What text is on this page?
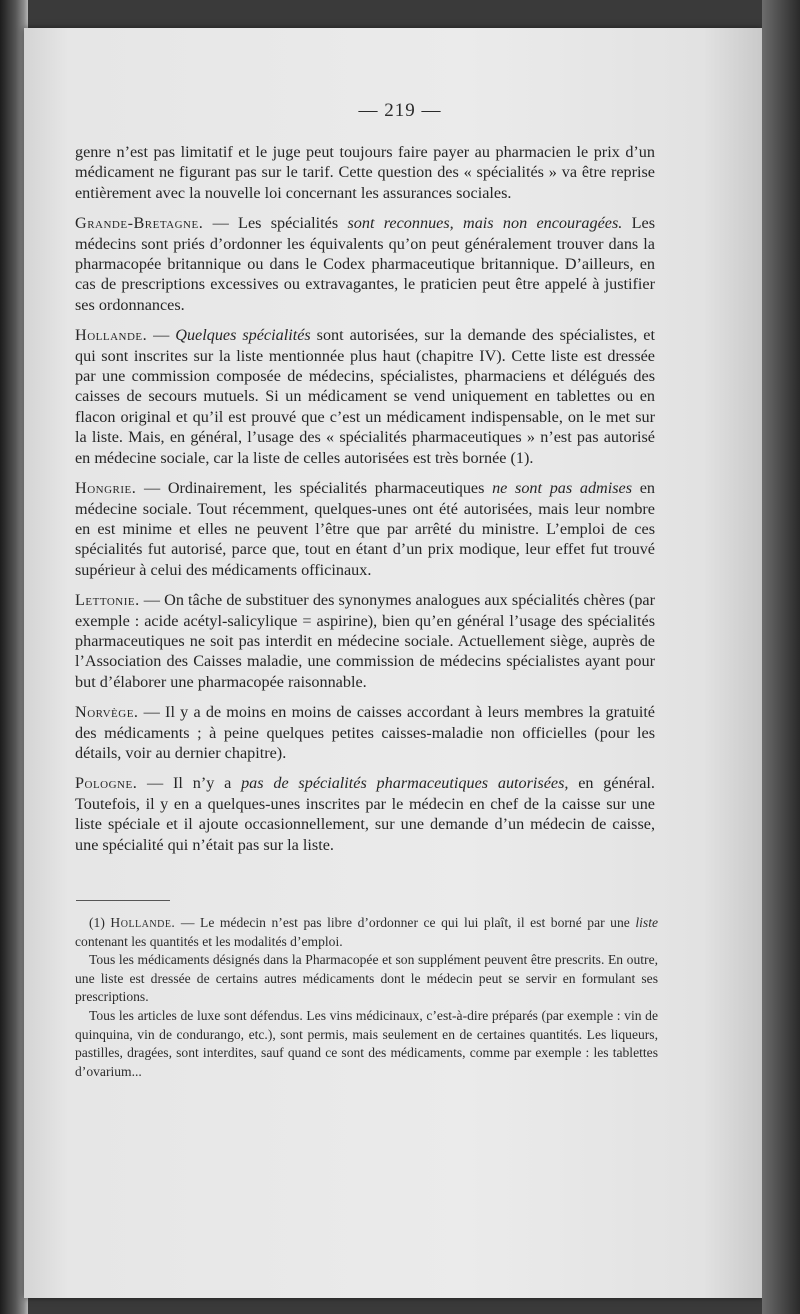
— 219 —

genre n’est pas limitatif et le juge peut toujours faire payer au pharmacien le prix d’un médicament ne figurant pas sur le tarif. Cette question des « spécialités » va être reprise entièrement avec la nouvelle loi concernant les assurances sociales.

Grande-Bretagne. — Les spécialités sont reconnues, mais non encouragées. Les médecins sont priés d’ordonner les équivalents qu’on peut généralement trouver dans la pharmacopée britannique ou dans le Codex pharmaceutique britannique. D’ailleurs, en cas de prescriptions excessives ou extravagantes, le praticien peut être appelé à justifier ses ordonnances.

Hollande. — Quelques spécialités sont autorisées, sur la demande des spécialistes, et qui sont inscrites sur la liste mentionnée plus haut (chapitre IV). Cette liste est dressée par une commission composée de médecins, spécialistes, pharmaciens et délégués des caisses de secours mutuels. Si un médicament se vend uniquement en tablettes ou en flacon original et qu’il est prouvé que c’est un médicament indispensable, on le met sur la liste. Mais, en général, l’usage des « spécialités pharmaceutiques » n’est pas autorisé en médecine sociale, car la liste de celles autorisées est très bornée (1).

Hongrie. — Ordinairement, les spécialités pharmaceutiques ne sont pas admises en médecine sociale. Tout récemment, quelques-unes ont été autorisées, mais leur nombre en est minime et elles ne peuvent l’être que par arrêté du ministre. L’emploi de ces spécialités fut autorisé, parce que, tout en étant d’un prix modique, leur effet fut trouvé supérieur à celui des médicaments officinaux.

Lettonie. — On tâche de substituer des synonymes analogues aux spécialités chères (par exemple : acide acétyl-salicylique = aspirine), bien qu’en général l’usage des spécialités pharmaceutiques ne soit pas interdit en médecine sociale. Actuellement siège, auprès de l’Association des Caisses maladie, une commission de médecins spécialistes ayant pour but d’élaborer une pharmacopée raisonnable.

Norvège. — Il y a de moins en moins de caisses accordant à leurs membres la gratuité des médicaments ; à peine quelques petites caisses-maladie non officielles (pour les détails, voir au dernier chapitre).

Pologne. — Il n’y a pas de spécialités pharmaceutiques autorisées, en général. Toutefois, il y en a quelques-unes inscrites par le médecin en chef de la caisse sur une liste spéciale et il ajoute occasionnellement, sur une demande d’un médecin de caisse, une spécialité qui n’était pas sur la liste.

(1) Hollande. — Le médecin n’est pas libre d’ordonner ce qui lui plaît, il est borné par une liste contenant les quantités et les modalités d’emploi.

Tous les médicaments désignés dans la Pharmacopée et son supplément peuvent être prescrits. En outre, une liste est dressée de certains autres médicaments dont le médecin peut se servir en formulant ses prescriptions.

Tous les articles de luxe sont défendus. Les vins médicinaux, c’est-à-dire préparés (par exemple : vin de quinquina, vin de condurango, etc.), sont permis, mais seulement en de certaines quantités. Les liqueurs, pastilles, dragées, sont interdites, sauf quand ce sont des médicaments, comme par exemple : les tablettes d’ovarium...
